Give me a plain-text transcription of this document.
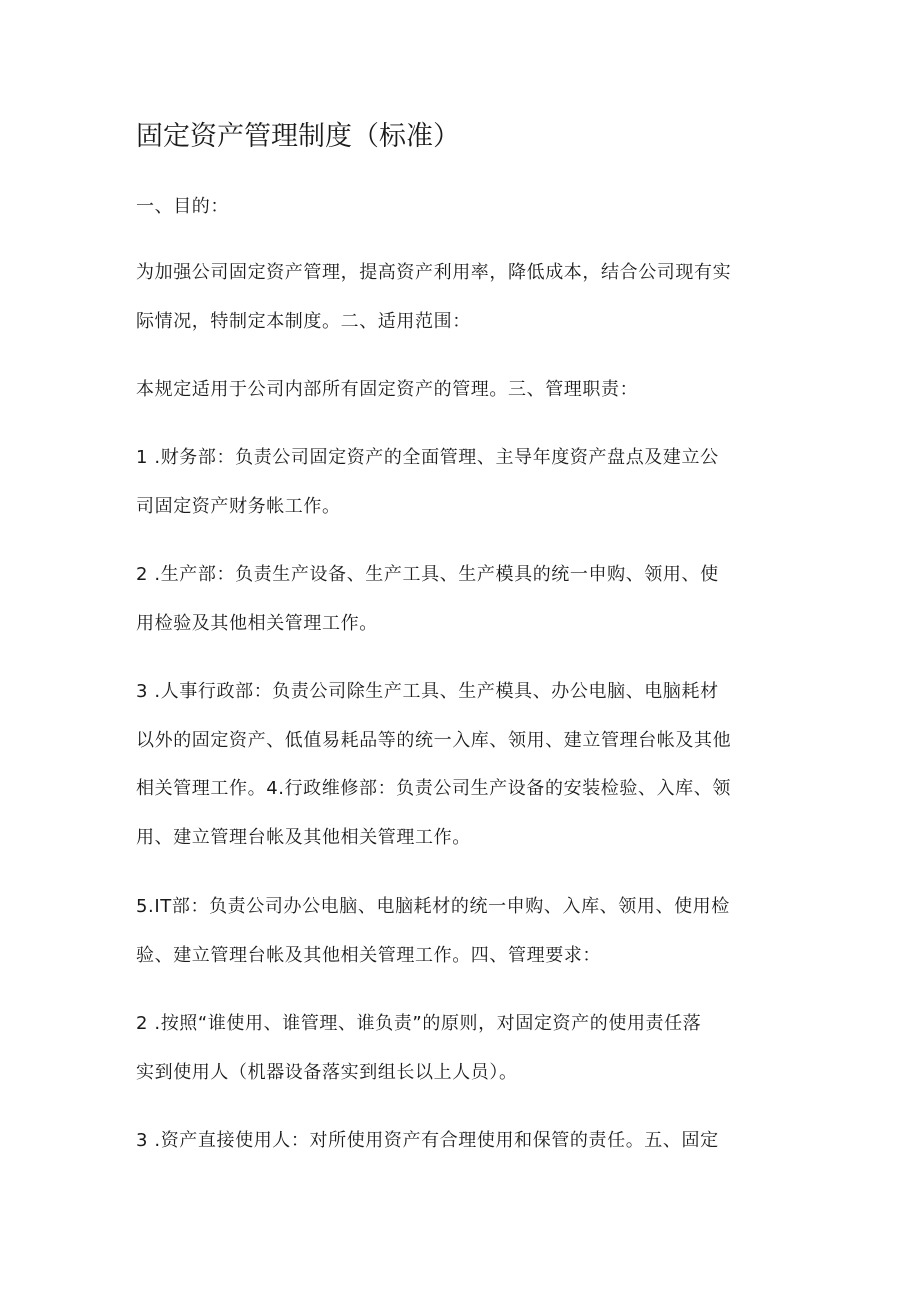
固定资产管理制度（标准）

一、目的：

为加强公司固定资产管理，提高资产利用率，降低成本，结合公司现有实
际情况，特制定本制度。二、适用范围：

本规定适用于公司内部所有固定资产的管理。三、管理职责：

1 .财务部：负责公司固定资产的全面管理、主导年度资产盘点及建立公
司固定资产财务帐工作。

2 .生产部：负责生产设备、生产工具、生产模具的统一申购、领用、使
用检验及其他相关管理工作。

3 .人事行政部：负责公司除生产工具、生产模具、办公电脑、电脑耗材
以外的固定资产、低值易耗品等的统一入库、领用、建立管理台帐及其他
相关管理工作。4.行政维修部：负责公司生产设备的安装检验、入库、领
用、建立管理台帐及其他相关管理工作。

5.IT部：负责公司办公电脑、电脑耗材的统一申购、入库、领用、使用检
验、建立管理台帐及其他相关管理工作。四、管理要求：

2 .按照“谁使用、谁管理、谁负责”的原则，对固定资产的使用责任落
实到使用人（机器设备落实到组长以上人员）。

3 .资产直接使用人：对所使用资产有合理使用和保管的责任。五、固定
